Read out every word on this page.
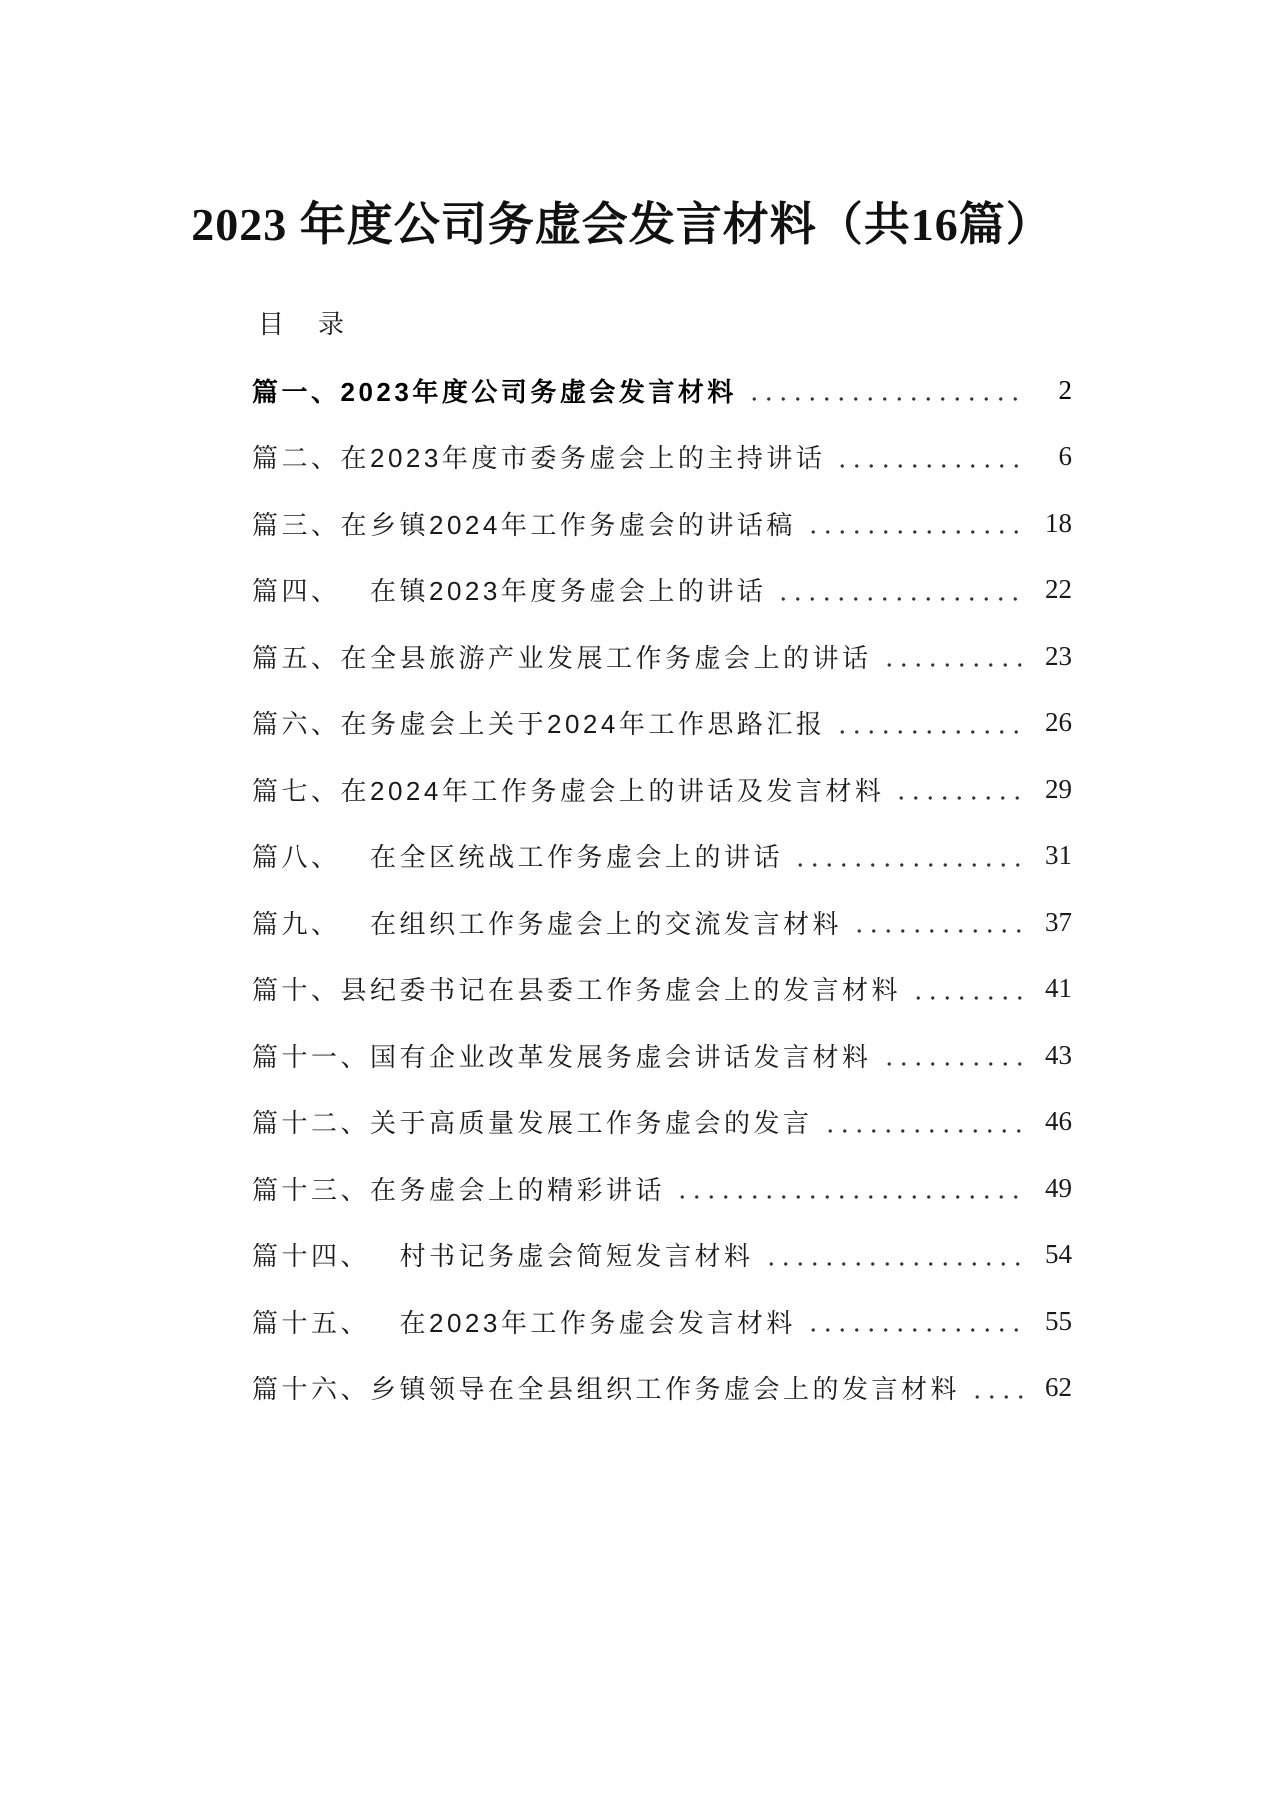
2023 年度公司务虚会发言材料（共16篇）
目　录
篇一、 2023年度公司务虚会发言材料	2
篇二、 在2023年度市委务虚会上的主持讲话	6
篇三、 在乡镇2024年工作务虚会的讲话稿	18
篇四、 　在镇2023年度务虚会上的讲话	22
篇五、 在全县旅游产业发展工作务虚会上的讲话	23
篇六、 在务虚会上关于2024年工作思路汇报	26
篇七、 在2024年工作务虚会上的讲话及发言材料	29
篇八、 　在全区统战工作务虚会上的讲话	31
篇九、 　在组织工作务虚会上的交流发言材料	37
篇十、 县纪委书记在县委工作务虚会上的发言材料	41
篇十一、 国有企业改革发展务虚会讲话发言材料	43
篇十二、 关于高质量发展工作务虚会的发言	46
篇十三、 在务虚会上的精彩讲话	49
篇十四、 　村书记务虚会简短发言材料	54
篇十五、 　在2023年工作务虚会发言材料	55
篇十六、 乡镇领导在全县组织工作务虚会上的发言材料	62
